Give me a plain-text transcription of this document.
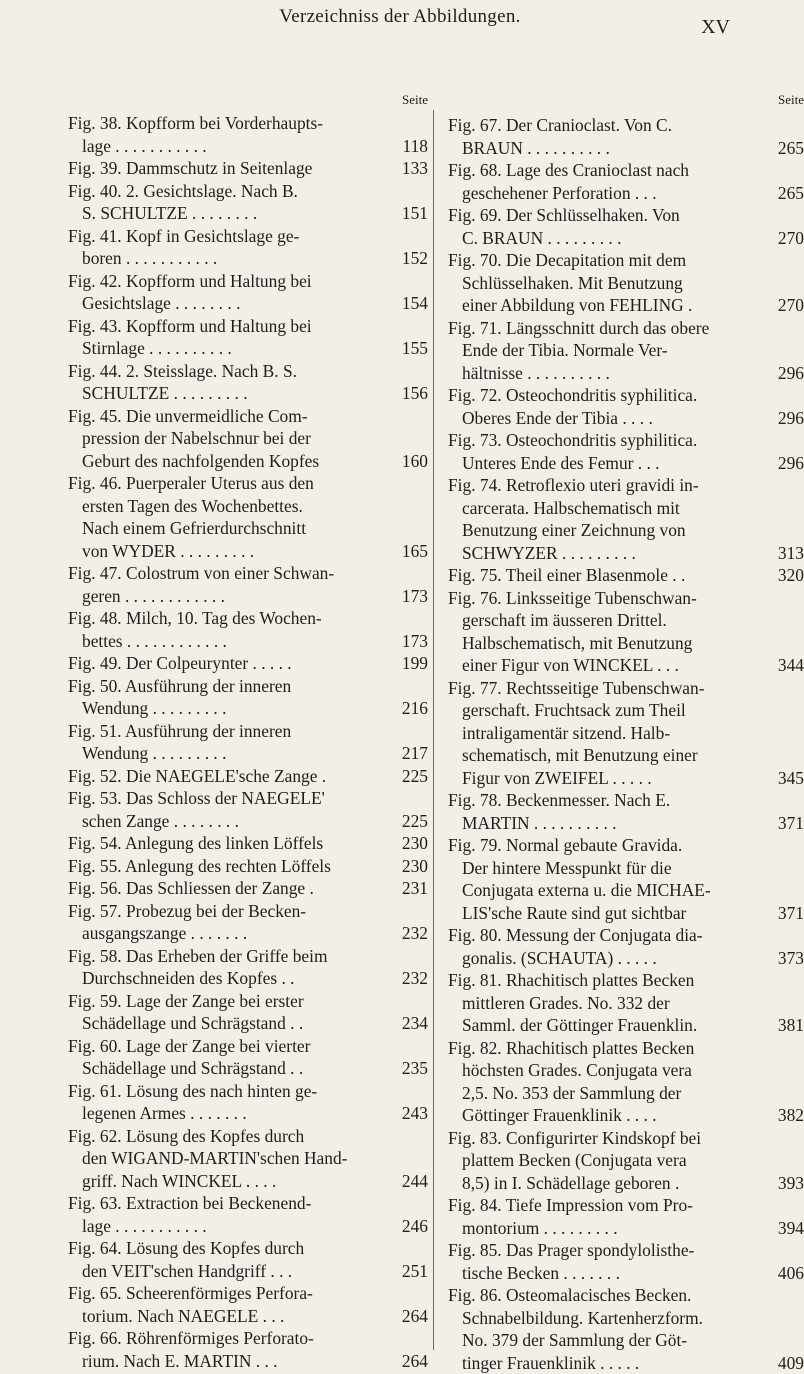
Verzeichniss der Abbildungen.	XV
Seite
Fig. 38. Kopfform bei Vorderhaupts-
lage . . . . . . . . . . .	118
Fig. 39. Dammschutz in Seitenlage	133
Fig. 40. 2. Gesichtslage. Nach B.
S. SCHULTZE . . . . . . . .	151
Fig. 41. Kopf in Gesichtslage ge-
boren . . . . . . . . . . .	152
Fig. 42. Kopfform und Haltung bei
Gesichtslage . . . . . . . .	154
Fig. 43. Kopfform und Haltung bei
Stirnlage . . . . . . . . . .	155
Fig. 44. 2. Steisslage. Nach B. S.
SCHULTZE . . . . . . . . .	156
Fig. 45. Die unvermeidliche Com-
pression der Nabelschnur bei der
Geburt des nachfolgenden Kopfes	160
Fig. 46. Puerperaler Uterus aus den
ersten Tagen des Wochenbettes.
Nach einem Gefrierdurchschnitt
von WYDER . . . . . . . . .	165
Fig. 47. Colostrum von einer Schwan-
geren . . . . . . . . . . . .	173
Fig. 48. Milch, 10. Tag des Wochen-
bettes . . . . . . . . . . . .	173
Fig. 49. Der Colpeurynter . . . . .	199
Fig. 50. Ausführung der inneren
Wendung . . . . . . . . .	216
Fig. 51. Ausführung der inneren
Wendung . . . . . . . . .	217
Fig. 52. Die NAEGELE'sche Zange .	225
Fig. 53. Das Schloss der NAEGELE'
schen Zange . . . . . . . .	225
Fig. 54. Anlegung des linken Löffels	230
Fig. 55. Anlegung des rechten Löffels	230
Fig. 56. Das Schliessen der Zange .	231
Fig. 57. Probezug bei der Becken-
ausgangszange . . . . . . .	232
Fig. 58. Das Erheben der Griffe beim
Durchschneiden des Kopfes . .	232
Fig. 59. Lage der Zange bei erster
Schädellage und Schrägstand . .	234
Fig. 60. Lage der Zange bei vierter
Schädellage und Schrägstand . .	235
Fig. 61. Lösung des nach hinten ge-
legenen Armes . . . . . . .	243
Fig. 62. Lösung des Kopfes durch
den WIGAND-MARTIN'schen Hand-
griff. Nach WINCKEL . . . .	244
Fig. 63. Extraction bei Beckenend-
lage . . . . . . . . . . .	246
Fig. 64. Lösung des Kopfes durch
den VEIT'schen Handgriff . . .	251
Fig. 65. Scheerenförmiges Perfora-
torium. Nach NAEGELE . . .	264
Fig. 66. Röhrenförmiges Perforato-
rium. Nach E. MARTIN . . .	264
Seite
Fig. 67. Der Cranioclast. Von C.
BRAUN . . . . . . . . . .	265
Fig. 68. Lage des Cranioclast nach
geschehener Perforation . . .	265
Fig. 69. Der Schlüsselhaken. Von
C. BRAUN . . . . . . . . .	270
Fig. 70. Die Decapitation mit dem
Schlüsselhaken. Mit Benutzung
einer Abbildung von FEHLING .	270
Fig. 71. Längsschnitt durch das obere
Ende der Tibia. Normale Ver-
hältnisse . . . . . . . . . .	296
Fig. 72. Osteochondritis syphilitica.
Oberes Ende der Tibia . . . .	296
Fig. 73. Osteochondritis syphilitica.
Unteres Ende des Femur . . .	296
Fig. 74. Retroflexio uteri gravidi in-
carcerata. Halbschematisch mit
Benutzung einer Zeichnung von
SCHWYZER . . . . . . . . .	313
Fig. 75. Theil einer Blasenmole . .	320
Fig. 76. Linksseitige Tubenschwan-
gerschaft im äusseren Drittel.
Halbschematisch, mit Benutzung
einer Figur von WINCKEL . . .	344
Fig. 77. Rechtsseitige Tubenschwan-
gerschaft. Fruchtsack zum Theil
intraligamentär sitzend. Halb-
schematisch, mit Benutzung einer
Figur von ZWEIFEL . . . . .	345
Fig. 78. Beckenmesser. Nach E.
MARTIN . . . . . . . . . .	371
Fig. 79. Normal gebaute Gravida.
Der hintere Messpunkt für die
Conjugata externa u. die MICHAE-
LIS'sche Raute sind gut sichtbar	371
Fig. 80. Messung der Conjugata dia-
gonalis. (SCHAUTA) . . . . .	373
Fig. 81. Rhachitisch plattes Becken
mittleren Grades. No. 332 der
Samml. der Göttinger Frauenklin.	381
Fig. 82. Rhachitisch plattes Becken
höchsten Grades. Conjugata vera
2,5. No. 353 der Sammlung der
Göttinger Frauenklinik . . . .	382
Fig. 83. Configurirter Kindskopf bei
plattem Becken (Conjugata vera
8,5) in I. Schädellage geboren .	393
Fig. 84. Tiefe Impression vom Pro-
montorium . . . . . . . . .	394
Fig. 85. Das Prager spondylolisthe-
tische Becken . . . . . . .	406
Fig. 86. Osteomalacisches Becken.
Schnabelbildung. Kartenherzform.
No. 379 der Sammlung der Göt-
tinger Frauenklinik . . . . .	409
